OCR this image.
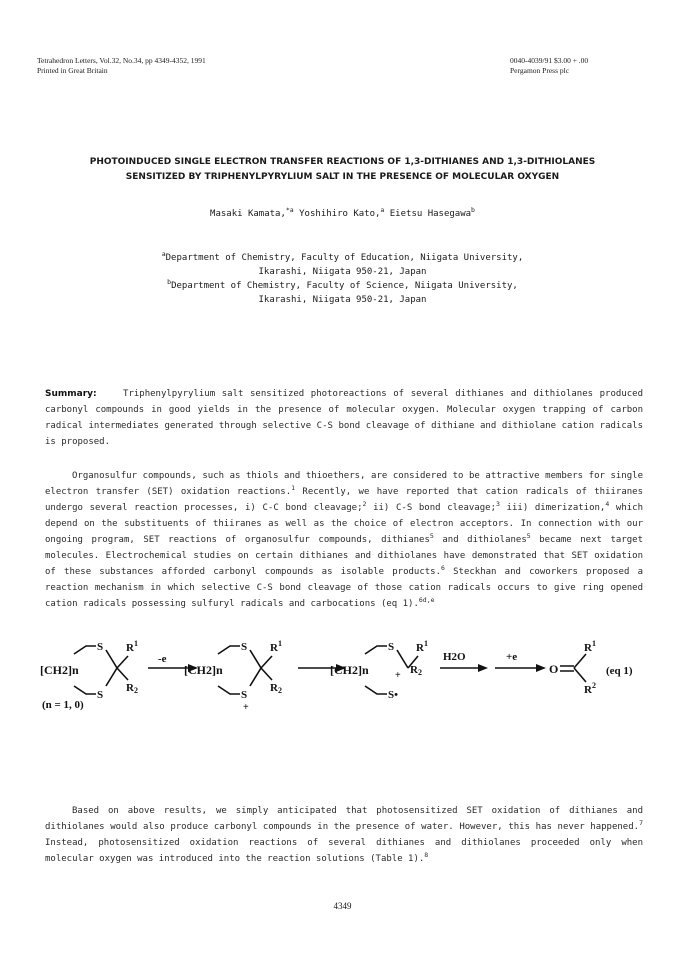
Tetrahedron Letters, Vol.32, No.34, pp 4349-4352, 1991
Printed in Great Britain
0040-4039/91 $3.00 + .00
Pergamon Press plc
PHOTOINDUCED SINGLE ELECTRON TRANSFER REACTIONS OF 1,3-DITHIANES AND 1,3-DITHIOLANES
SENSITIZED BY TRIPHENYLPYRYLIUM SALT IN THE PRESENCE OF MOLECULAR OXYGEN
Masaki Kamata,$^{*a}$ Yoshihiro Kato,$^a$ Eietsu Hasegawa$^b$
$^a$Department of Chemistry, Faculty of Education, Niigata University,
Ikarashi, Niigata 950-21, Japan
$^b$Department of Chemistry, Faculty of Science, Niigata University,
Ikarashi, Niigata 950-21, Japan

Summary:	Triphenylpyrylium salt sensitized photoreactions of several dithianes and dithiolanes produced carbonyl compounds in good yields in the presence of molecular oxygen. Molecular oxygen trapping of carbon radical intermediates generated through selective C-S bond cleavage of dithiane and dithiolane cation radicals is proposed.

Organosulfur compounds, such as thiols and thioethers, are considered to be attractive members for single electron transfer (SET) oxidation reactions.$^1$ Recently, we have reported that cation radicals of thiiranes undergo several reaction processes, i) C-C bond cleavage;$^2$ ii) C-S bond cleavage;$^3$ iii) dimerization,$^4$ which depend on the substituents of thiiranes as well as the choice of electron acceptors. In connection with our ongoing program, SET reactions of organosulfur compounds, dithianes$^5$ and dithiolanes$^5$ became next target molecules. Electrochemical studies on certain dithianes and dithiolanes have demonstrated that SET oxidation of these substances afforded carbonyl compounds as isolable products.$^6$ Steckhan and coworkers proposed a reaction mechanism in which selective C-S bond cleavage of those cation radicals occurs to give ring opened cation radicals possessing sulfuryl radicals and carbocations (eq 1).$^{6d,e}$

[CH2]n
S
S
R 1
R 2
(n = 1, 0)
-e
[CH2]n
S
S
+
R 1
R 2
[CH2]n
S
S•
+
R 1
R 2
H2O	+e
O
R 1
R 2
(eq 1)

Based on above results, we simply anticipated that photosensitized SET oxidation of dithianes and dithiolanes would also produce carbonyl compounds in the presence of water. However, this has never happened.$^7$ Instead, photosensitized oxidation reactions of several dithianes and dithiolanes proceeded only when molecular oxygen was introduced into the reaction solutions (Table 1).$^8$

4349
